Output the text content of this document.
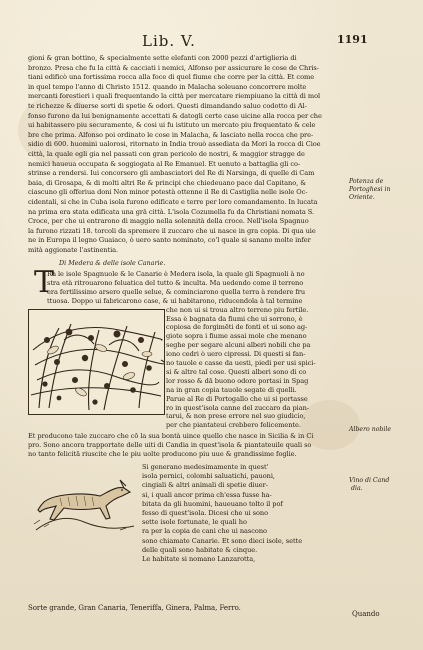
Lib. V.	1191
gioni & gran bottino, & specialmente sette elefanti con 2000 pezzi d'artiglieria di
bronzo. Presa che fu la città & cacciati i nemici, Alfonso per assicurare le cose de Chris-
tiani edificò una fortissima rocca alla foce di quel fiume che corre per la città. Et come
in quel tempo l'anno di Christo 1512. quando in Malacha soleuano concorrere molte
mercanti forestieri i quali frequentando la città per mercatare riempiuano la città di mol
te richezze & diuerse sorti di spetie & odori. Questi dimandando saluo codotto di Al-
fonso furono da lui benignamente accettati & datogli certe case uicine alla rocca per che
ui habitassero piu securamente, & cosi ui fu istituto un mercato piu frequentato & cele
bre che prima. Alfonso poi ordinato le cose in Malacha, & lasciato nella rocca che pre-
sidio di 600. huomini ualorosi, ritornato in India trouò assediata da Mori la rocca di Cioe
città, la quale egli gia nel passati con gran pericolo de nostri, & maggior stragge de
nemici haueua occupata & soggiogata al Re Emanuel. Et uenuto a battaglia gli co-
strinse a rendersi. Iui concorsero gli ambasciatori del Re di Narsinga, di quelle di Cam
baia, di Grosapa, & di molti altri Re & principi che chiedeuano pace dal Capitano, &
ciascuno gli offeriua doni Non minor potestà ottenne il Re di Castiglia nelle isole Oc-
cidentali, si che in Cuba isola furono edificate e terre per loro comandamento. In lucata
na prima era stata edificata una grā città. L'isola Cozumella fu da Christiani nomata S.
Croce, per che ui entrarono di maggio nella solennità della croce. Nell'isola Spagnuo
la furono rizzati 18. torcoli da spremere il zuccaro che ui nasce in gra copia. Di qua uie
ne in Europa il legno Guaiaco, ò uero santo nominato, co'l quale si sanano molte infer
mità aggionate l'astinentia.
Di Medera & delle isole Canarie.
T
Ra le isole Spagnuole & le Canarie è Medera isola, la quale gli Spagnuoli à no
stra età ritrouarono feluatica del tutto & inculta. Ma uedendo come il terreno
era fertilissimo arsero quelle selue, & cominciarono quella terra à rendere fru
ttuosa. Doppo ui fabricarono case, & ui habitarono, riducendola à tal termine
che non ui si troua altro terreno piu fertile.
Essa è bagnata da fiumi che ui sorrono, è
copiosa de forgimēti de fonti et ui sono ag-
giote sopra i fiume assai mole che menano
seghe per segare alcuni alberi nobili che pa
iono cedri ò uero cipressi. Di questi si fan-
no tauole e casse da uesti, piedi per usi spici-
si & altre tal cose. Questi alberi sono di co
lor rosso & dā buono odore portasi in Spag
na in gran copia tauole segate di quelli.
Parue al Re di Portogallo che ui si portasse
ro in quest'isola canne del zuccaro da pian-
tarui, & non prese errore nel suo giudicio,
per che piantateui crebbero felicemente.
Et producono tale zuccaro che cō la sua bontà uince quello che nasce in Sicilia & in Ci
pro. Sono ancora trapportate delle uiti di Candia in quest'isola & piantateuile quali so
no tanto felicitā riuscite che le piu uolte producono piu uue & grandissime foglie.
Si generano medesimamente in quest'
isola pernici, colombi saluatichi, pauoni,
cingiali & altri animali di spetie diuer-
si, i quali ancor prima ch'essa fusse ha-
bitata da gli huomini, haueuano tolto il pof
fesso di quest'isola. Dicesi che ui sono
sette isole fortunate, le quali ho
ra per la copia de cani che ui nascono
sono chiamate Canarie. Et sono dieci isole, sette
delle quali sono habitate & cinque.
Le habitate si nomano Lanzarotta,
Sorte grande, Gran Canaria, Teneriffa, Ginera, Palma, Ferro.
Quando
Potenza de
Portoghesi in
Oriente.
Albero nobile
Vino di Cand
dia.
